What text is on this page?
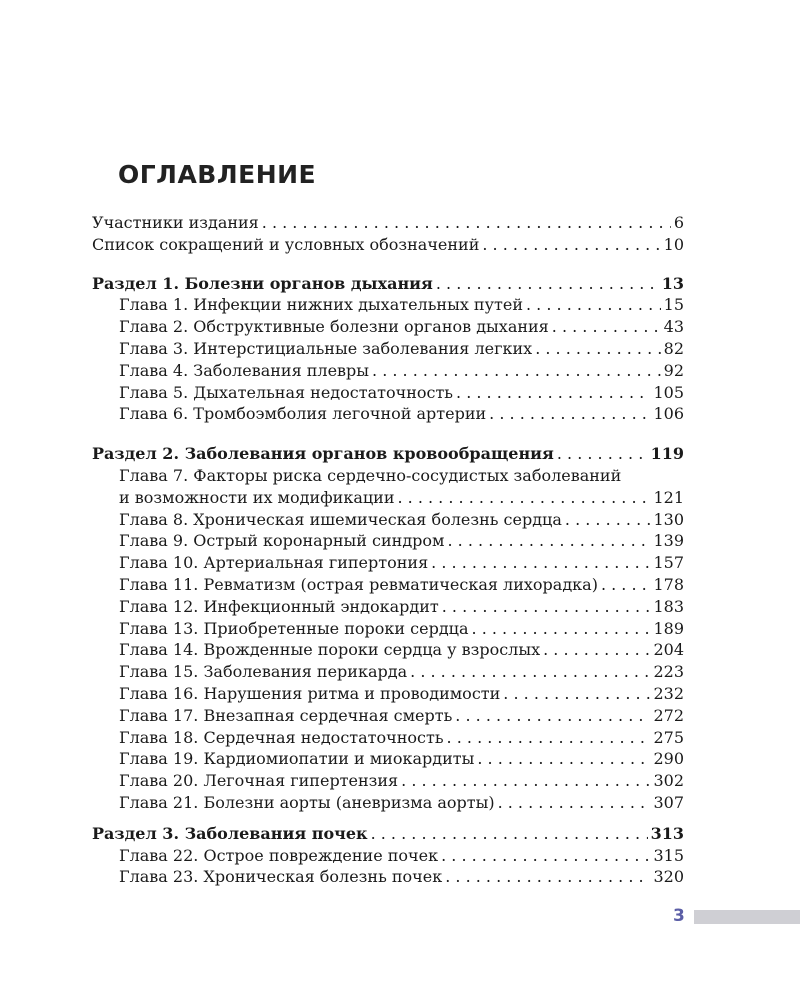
ОГЛАВЛЕНИЕ
Участники издания . . .	6
Список сокращений и условных обозначений . . .	10
Раздел 1. Болезни органов дыхания . . .	13
Глава 1. Инфекции нижних дыхательных путей . . .	15
Глава 2. Обструктивные болезни органов дыхания . . .	43
Глава 3. Интерстициальные заболевания легких . . .	82
Глава 4. Заболевания плевры . . .	92
Глава 5. Дыхательная недостаточность . . .	105
Глава 6. Тромбоэмболия легочной артерии . . .	106
Раздел 2. Заболевания органов кровообращения . . .	119
Глава 7. Факторы риска сердечно-сосудистых заболеваний
и возможности их модификации . . .	121
Глава 8. Хроническая ишемическая болезнь сердца . . .	130
Глава 9. Острый коронарный синдром . . .	139
Глава 10. Артериальная гипертония . . .	157
Глава 11. Ревматизм (острая ревматическая лихорадка) . . .	178
Глава 12. Инфекционный эндокардит . . .	183
Глава 13. Приобретенные пороки сердца . . .	189
Глава 14. Врожденные пороки сердца у взрослых . . .	204
Глава 15. Заболевания перикарда . . .	223
Глава 16. Нарушения ритма и проводимости . . .	232
Глава 17. Внезапная сердечная смерть . . .	272
Глава 18. Сердечная недостаточность . . .	275
Глава 19. Кардиомиопатии и миокардиты . . .	290
Глава 20. Легочная гипертензия . . .	302
Глава 21. Болезни аорты (аневризма аорты) . . .	307
Раздел 3. Заболевания почек . . .	313
Глава 22. Острое повреждение почек . . .	315
Глава 23. Хроническая болезнь почек . . .	320
3
